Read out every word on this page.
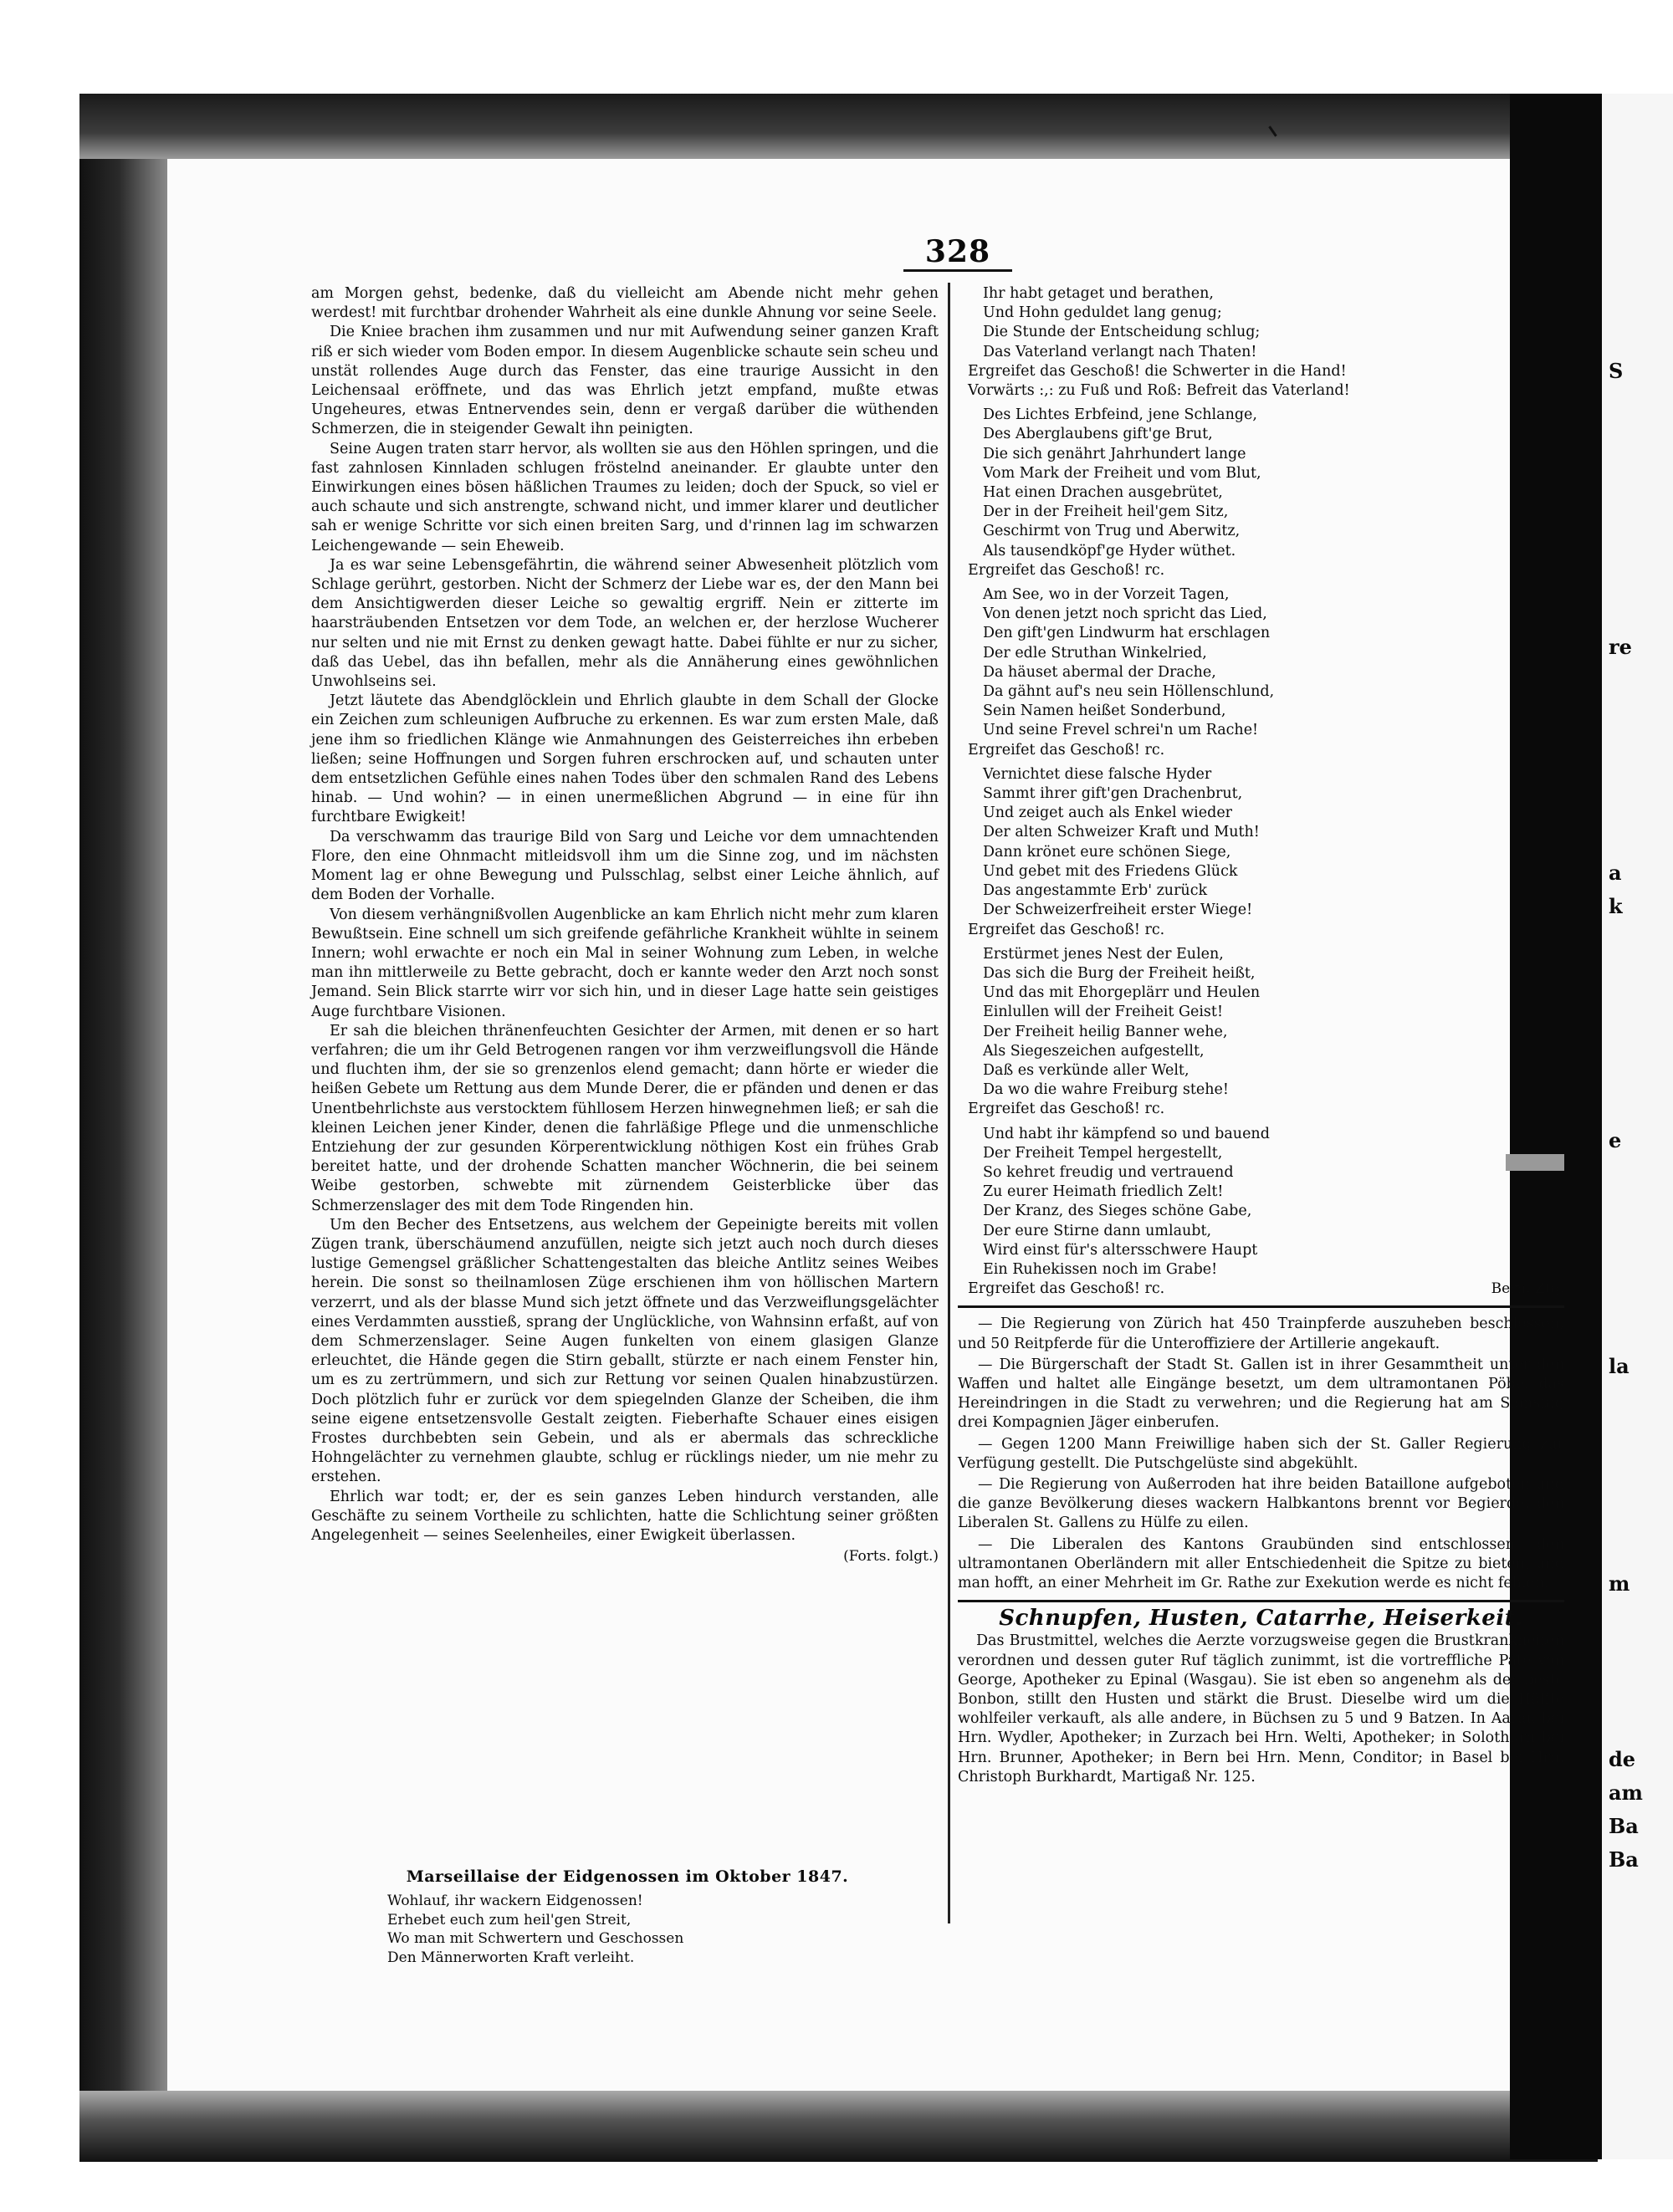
S
re
a
k
e
la
m
de
am
Ba
Ba
328

am Morgen gehst, bedenke, daß du vielleicht am Abende nicht mehr gehen werdest! mit furchtbar drohender Wahrheit als eine dunkle Ahnung vor seine Seele.

Die Kniee brachen ihm zusammen und nur mit Aufwendung seiner ganzen Kraft riß er sich wieder vom Boden empor. In diesem Augenblicke schaute sein scheu und unstät rollendes Auge durch das Fenster, das eine traurige Aussicht in den Leichensaal eröffnete, und das was Ehrlich jetzt empfand, mußte etwas Ungeheures, etwas Entnervendes sein, denn er vergaß darüber die wüthenden Schmerzen, die in steigender Gewalt ihn peinigten.

Seine Augen traten starr hervor, als wollten sie aus den Höhlen springen, und die fast zahnlosen Kinnladen schlugen fröstelnd aneinander. Er glaubte unter den Einwirkungen eines bösen häßlichen Traumes zu leiden; doch der Spuck, so viel er auch schaute und sich anstrengte, schwand nicht, und immer klarer und deutlicher sah er wenige Schritte vor sich einen breiten Sarg, und d'rinnen lag im schwarzen Leichengewande — sein Eheweib.

Ja es war seine Lebensgefährtin, die während seiner Abwesenheit plötzlich vom Schlage gerührt, gestorben. Nicht der Schmerz der Liebe war es, der den Mann bei dem Ansichtigwerden dieser Leiche so gewaltig ergriff. Nein er zitterte im haarsträubenden Entsetzen vor dem Tode, an welchen er, der herzlose Wucherer nur selten und nie mit Ernst zu denken gewagt hatte. Dabei fühlte er nur zu sicher, daß das Uebel, das ihn befallen, mehr als die Annäherung eines gewöhnlichen Unwohlseins sei.

Jetzt läutete das Abendglöcklein und Ehrlich glaubte in dem Schall der Glocke ein Zeichen zum schleunigen Aufbruche zu erkennen. Es war zum ersten Male, daß jene ihm so friedlichen Klänge wie Anmahnungen des Geisterreiches ihn erbeben ließen; seine Hoffnungen und Sorgen fuhren erschrocken auf, und schauten unter dem entsetzlichen Gefühle eines nahen Todes über den schmalen Rand des Lebens hinab. — Und wohin? — in einen unermeßlichen Abgrund — in eine für ihn furchtbare Ewigkeit!

Da verschwamm das traurige Bild von Sarg und Leiche vor dem umnachtenden Flore, den eine Ohnmacht mitleidsvoll ihm um die Sinne zog, und im nächsten Moment lag er ohne Bewegung und Pulsschlag, selbst einer Leiche ähnlich, auf dem Boden der Vorhalle.

Von diesem verhängnißvollen Augenblicke an kam Ehrlich nicht mehr zum klaren Bewußtsein. Eine schnell um sich greifende gefährliche Krankheit wühlte in seinem Innern; wohl erwachte er noch ein Mal in seiner Wohnung zum Leben, in welche man ihn mittlerweile zu Bette gebracht, doch er kannte weder den Arzt noch sonst Jemand. Sein Blick starrte wirr vor sich hin, und in dieser Lage hatte sein geistiges Auge furchtbare Visionen.

Er sah die bleichen thränenfeuchten Gesichter der Armen, mit denen er so hart verfahren; die um ihr Geld Betrogenen rangen vor ihm verzweiflungsvoll die Hände und fluchten ihm, der sie so grenzenlos elend gemacht; dann hörte er wieder die heißen Gebete um Rettung aus dem Munde Derer, die er pfänden und denen er das Unentbehrlichste aus verstocktem fühllosem Herzen hinwegnehmen ließ; er sah die kleinen Leichen jener Kinder, denen die fahrläßige Pflege und die unmenschliche Entziehung der zur gesunden Körperentwicklung nöthigen Kost ein frühes Grab bereitet hatte, und der drohende Schatten mancher Wöchnerin, die bei seinem Weibe gestorben, schwebte mit zürnendem Geisterblicke über das Schmerzenslager des mit dem Tode Ringenden hin.

Um den Becher des Entsetzens, aus welchem der Gepeinigte bereits mit vollen Zügen trank, überschäumend anzufüllen, neigte sich jetzt auch noch durch dieses lustige Gemengsel gräßlicher Schattengestalten das bleiche Antlitz seines Weibes herein. Die sonst so theilnamlosen Züge erschienen ihm von höllischen Martern verzerrt, und als der blasse Mund sich jetzt öffnete und das Verzweiflungsgelächter eines Verdammten ausstieß, sprang der Unglückliche, von Wahnsinn erfaßt, auf von dem Schmerzenslager. Seine Augen funkelten von einem glasigen Glanze erleuchtet, die Hände gegen die Stirn geballt, stürzte er nach einem Fenster hin, um es zu zertrümmern, und sich zur Rettung vor seinen Qualen hinabzustürzen. Doch plötzlich fuhr er zurück vor dem spiegelnden Glanze der Scheiben, die ihm seine eigene entsetzensvolle Gestalt zeigten. Fieberhafte Schauer eines eisigen Frostes durchbebten sein Gebein, und als er abermals das schreckliche Hohngelächter zu vernehmen glaubte, schlug er rücklings nieder, um nie mehr zu erstehen.

Ehrlich war todt; er, der es sein ganzes Leben hindurch verstanden, alle Geschäfte zu seinem Vortheile zu schlichten, hatte die Schlichtung seiner größten Angelegenheit — seines Seelenheiles, einer Ewigkeit überlassen.

(Forts. folgt.)

Marseillaise der Eidgenossen im Oktober 1847.
Wohlauf, ihr wackern Eidgenossen!
Erhebet euch zum heil'gen Streit,
Wo man mit Schwertern und Geschossen
Den Männerworten Kraft verleiht.
Ihr habt getaget und berathen,
Und Hohn geduldet lang genug;
Die Stunde der Entscheidung schlug;
Das Vaterland verlangt nach Thaten!
Ergreifet das Geschoß! die Schwerter in die Hand!
Vorwärts :,: zu Fuß und Roß: Befreit das Vaterland!
Des Lichtes Erbfeind, jene Schlange,
Des Aberglaubens gift'ge Brut,
Die sich genährt Jahrhundert lange
Vom Mark der Freiheit und vom Blut,
Hat einen Drachen ausgebrütet,
Der in der Freiheit heil'gem Sitz,
Geschirmt von Trug und Aberwitz,
Als tausendköpf'ge Hyder wüthet.
Ergreifet das Geschoß! rc.
Am See, wo in der Vorzeit Tagen,
Von denen jetzt noch spricht das Lied,
Den gift'gen Lindwurm hat erschlagen
Der edle Struthan Winkelried,
Da häuset abermal der Drache,
Da gähnt auf's neu sein Höllenschlund,
Sein Namen heißet Sonderbund,
Und seine Frevel schrei'n um Rache!
Ergreifet das Geschoß! rc.
Vernichtet diese falsche Hyder
Sammt ihrer gift'gen Drachenbrut,
Und zeiget auch als Enkel wieder
Der alten Schweizer Kraft und Muth!
Dann krönet eure schönen Siege,
Und gebet mit des Friedens Glück
Das angestammte Erb' zurück
Der Schweizerfreiheit erster Wiege!
Ergreifet das Geschoß! rc.
Erstürmet jenes Nest der Eulen,
Das sich die Burg der Freiheit heißt,
Und das mit Ehorgeplärr und Heulen
Einlullen will der Freiheit Geist!
Der Freiheit heilig Banner wehe,
Als Siegeszeichen aufgestellt,
Daß es verkünde aller Welt,
Da wo die wahre Freiburg stehe!
Ergreifet das Geschoß! rc.
Und habt ihr kämpfend so und bauend
Der Freiheit Tempel hergestellt,
So kehret freudig und vertrauend
Zu eurer Heimath friedlich Zelt!
Der Kranz, des Sieges schöne Gabe,
Der eure Stirne dann umlaubt,
Wird einst für's altersschwere Haupt
Ein Ruhekissen noch im Grabe!
Ergreifet das Geschoß! rc.	Bern. Ztg.

— Die Regierung von Zürich hat 450 Trainpferde auszuheben beschlossen, und 50 Reitpferde für die Unteroffiziere der Artillerie angekauft.

— Die Bürgerschaft der Stadt St. Gallen ist in ihrer Gesammtheit unter den Waffen und haltet alle Eingänge besetzt, um dem ultramontanen Pöbel das Hereindringen in die Stadt zu verwehren; und die Regierung hat am Samstag drei Kompagnien Jäger einberufen.

— Gegen 1200 Mann Freiwillige haben sich der St. Galler Regierung zur Verfügung gestellt. Die Putschgelüste sind abgekühlt.

— Die Regierung von Außerroden hat ihre beiden Bataillone aufgeboten und die ganze Bevölkerung dieses wackern Halbkantons brennt vor Begierde, den Liberalen St. Gallens zu Hülfe zu eilen.

— Die Liberalen des Kantons Graubünden sind entschlossen, den ultramontanen Oberländern mit aller Entschiedenheit die Spitze zu bieten, und man hofft, an einer Mehrheit im Gr. Rathe zur Exekution werde es nicht fehlen.

Schnupfen, Husten, Catarrhe, Heiserkeit.

Das Brustmittel, welches die Aerzte vorzugsweise gegen die Brustkrankheiten verordnen und dessen guter Ruf täglich zunimmt, ist die vortreffliche Pâte von George, Apotheker zu Epinal (Wasgau). Sie ist eben so angenehm als der beste Bonbon, stillt den Husten und stärkt die Brust. Dieselbe wird um die Hälfte wohlfeiler verkauft, als alle andere, in Büchsen zu 5 und 9 Batzen. In Aarau bei Hrn. Wydler, Apotheker; in Zurzach bei Hrn. Welti, Apotheker; in Solothurn bei Hrn. Brunner, Apotheker; in Bern bei Hrn. Menn, Conditor; in Basel bei Hrn. Christoph Burkhardt, Martigaß Nr. 125.
